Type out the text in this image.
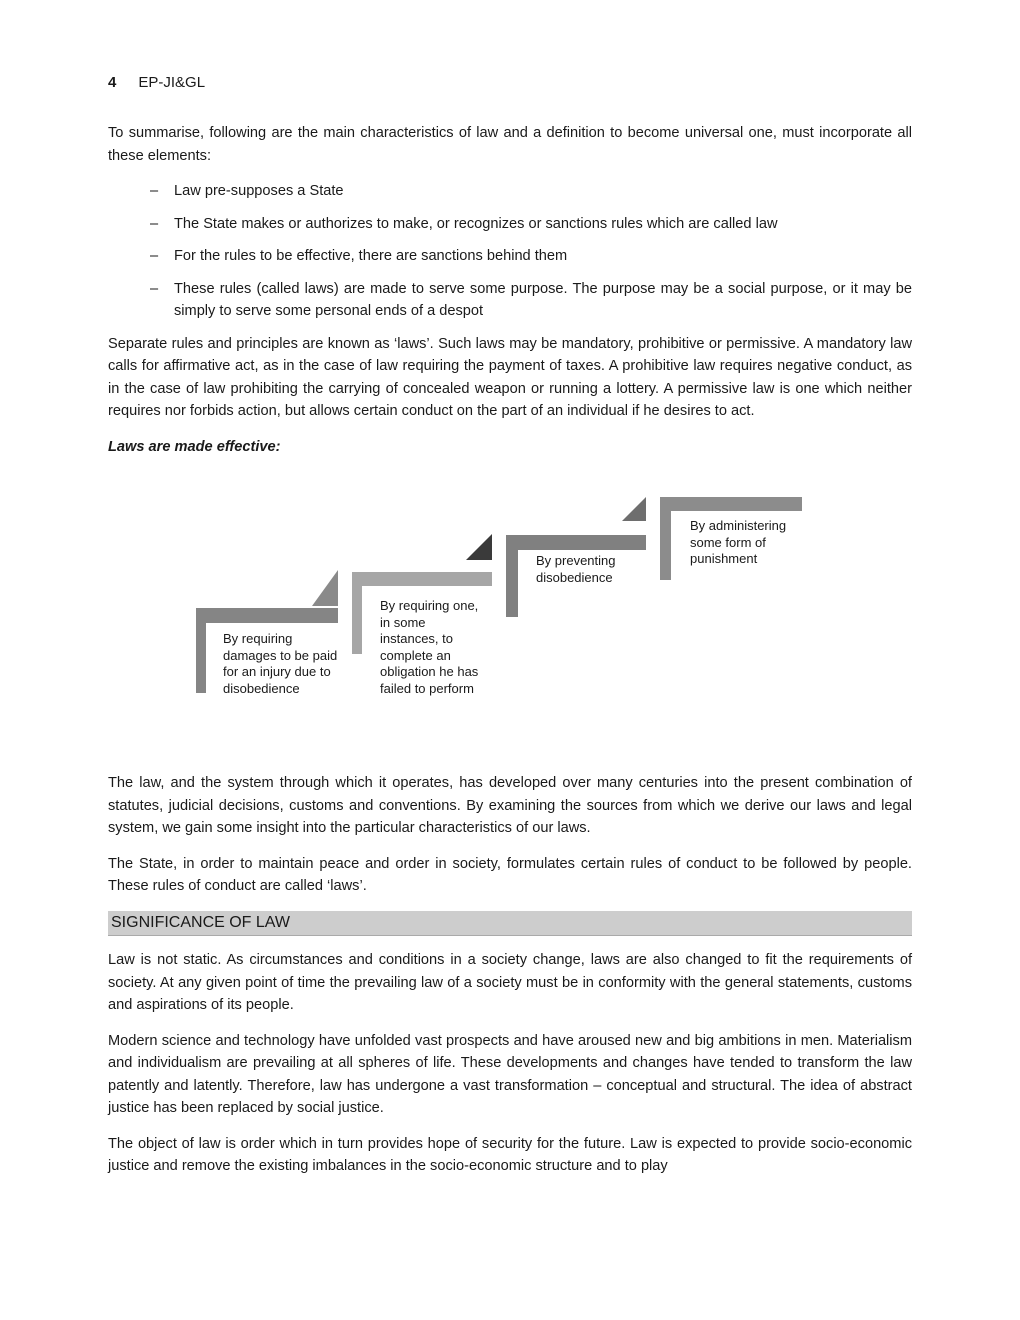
4 EP-JI&GL

To summarise, following are the main characteristics of law and a definition to become universal one, must incorporate all these elements:

– Law pre-supposes a State
– The State makes or authorizes to make, or recognizes or sanctions rules which are called law
– For the rules to be effective, there are sanctions behind them
– These rules (called laws) are made to serve some purpose. The purpose may be a social purpose, or it may be simply to serve some personal ends of a despot

Separate rules and principles are known as ‘laws’. Such laws may be mandatory, prohibitive or permissive. A mandatory law calls for affirmative act, as in the case of law requiring the payment of taxes. A prohibitive law requires negative conduct, as in the case of law prohibiting the carrying of concealed weapon or running a lottery. A permissive law is one which neither requires nor forbids action, but allows certain conduct on the part of an individual if he desires to act.

Laws are made effective:

By requiring damages to be paid for an injury due to disobedience
By requiring one, in some instances, to complete an obligation he has failed to perform
By preventing disobedience
By administering some form of punishment

The law, and the system through which it operates, has developed over many centuries into the present combination of statutes, judicial decisions, customs and conventions. By examining the sources from which we derive our laws and legal system, we gain some insight into the particular characteristics of our laws.

The State, in order to maintain peace and order in society, formulates certain rules of conduct to be followed by people. These rules of conduct are called ‘laws’.

SIGNIFICANCE OF LAW

Law is not static. As circumstances and conditions in a society change, laws are also changed to fit the requirements of society. At any given point of time the prevailing law of a society must be in conformity with the general statements, customs and aspirations of its people.

Modern science and technology have unfolded vast prospects and have aroused new and big ambitions in men. Materialism and individualism are prevailing at all spheres of life. These developments and changes have tended to transform the law patently and latently. Therefore, law has undergone a vast transformation – conceptual and structural. The idea of abstract justice has been replaced by social justice.

The object of law is order which in turn provides hope of security for the future. Law is expected to provide socio-economic justice and remove the existing imbalances in the socio-economic structure and to play
